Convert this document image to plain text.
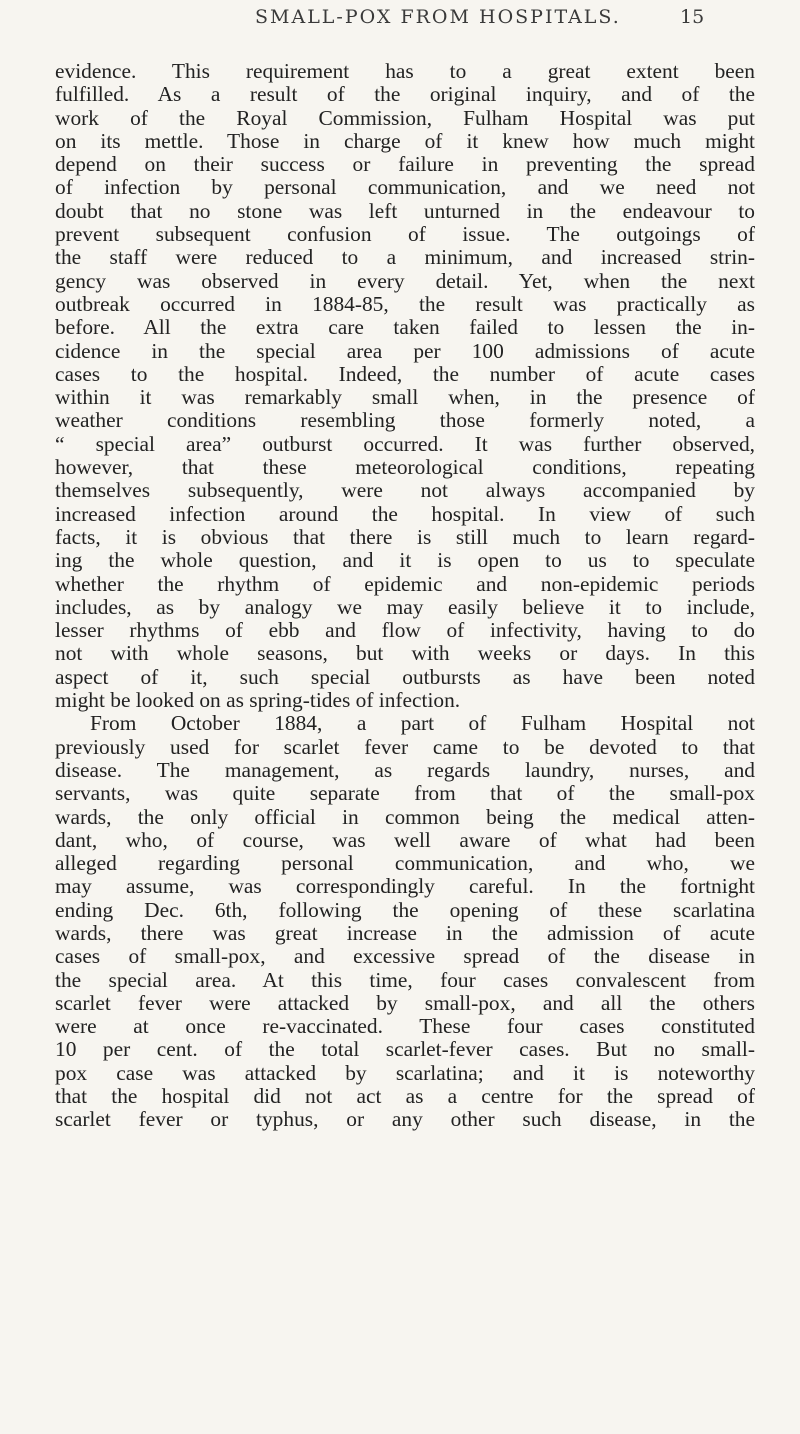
SMALL-POX FROM HOSPITALS.	15
evidence. This requirement has to a great extent been
fulfilled. As a result of the original inquiry, and of the
work of the Royal Commission, Fulham Hospital was put
on its mettle. Those in charge of it knew how much might
depend on their success or failure in preventing the spread
of infection by personal communication, and we need not
doubt that no stone was left unturned in the endeavour to
prevent subsequent confusion of issue. The outgoings of
the staff were reduced to a minimum, and increased strin-
gency was observed in every detail. Yet, when the next
outbreak occurred in 1884-85, the result was practically as
before. All the extra care taken failed to lessen the in-
cidence in the special area per 100 admissions of acute
cases to the hospital. Indeed, the number of acute cases
within it was remarkably small when, in the presence of
weather conditions resembling those formerly noted, a
“ special area” outburst occurred. It was further observed,
however, that these meteorological conditions, repeating
themselves subsequently, were not always accompanied by
increased infection around the hospital. In view of such
facts, it is obvious that there is still much to learn regard-
ing the whole question, and it is open to us to speculate
whether the rhythm of epidemic and non-epidemic periods
includes, as by analogy we may easily believe it to include,
lesser rhythms of ebb and flow of infectivity, having to do
not with whole seasons, but with weeks or days. In this
aspect of it, such special outbursts as have been noted
might be looked on as spring-tides of infection.
From October 1884, a part of Fulham Hospital not
previously used for scarlet fever came to be devoted to that
disease. The management, as regards laundry, nurses, and
servants, was quite separate from that of the small-pox
wards, the only official in common being the medical atten-
dant, who, of course, was well aware of what had been
alleged regarding personal communication, and who, we
may assume, was correspondingly careful. In the fortnight
ending Dec. 6th, following the opening of these scarlatina
wards, there was great increase in the admission of acute
cases of small-pox, and excessive spread of the disease in
the special area. At this time, four cases convalescent from
scarlet fever were attacked by small-pox, and all the others
were at once re-vaccinated. These four cases constituted
10 per cent. of the total scarlet-fever cases. But no small-
pox case was attacked by scarlatina; and it is noteworthy
that the hospital did not act as a centre for the spread of
scarlet fever or typhus, or any other such disease, in the
